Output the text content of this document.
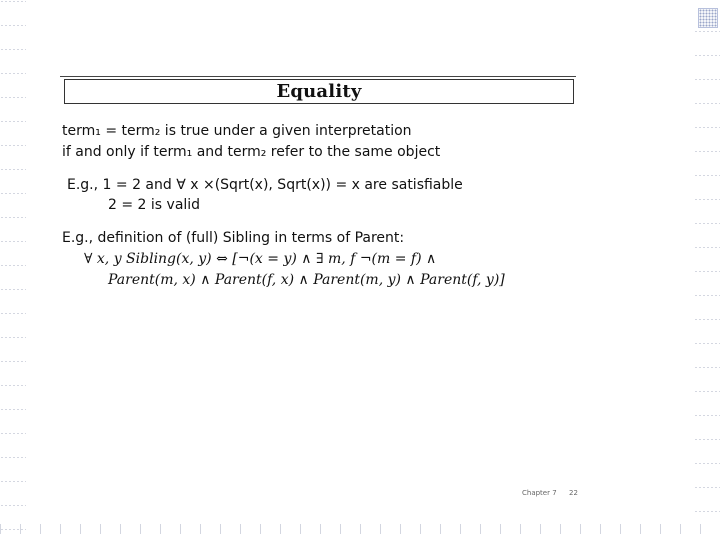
Equality
term₁ = term₂ is true under a given interpretation
if and only if term₁ and term₂ refer to the same object
E.g., 1 = 2 and ∀ x ×(Sqrt(x), Sqrt(x)) = x are satisfiable
2 = 2 is valid
E.g., definition of (full) Sibling in terms of Parent:
∀ x, y Sibling(x, y) ⇔ [¬(x = y) ∧ ∃ m, f ¬(m = f) ∧
Parent(m, x) ∧ Parent(f, x) ∧ Parent(m, y) ∧ Parent(f, y)]
Chapter 7 22
